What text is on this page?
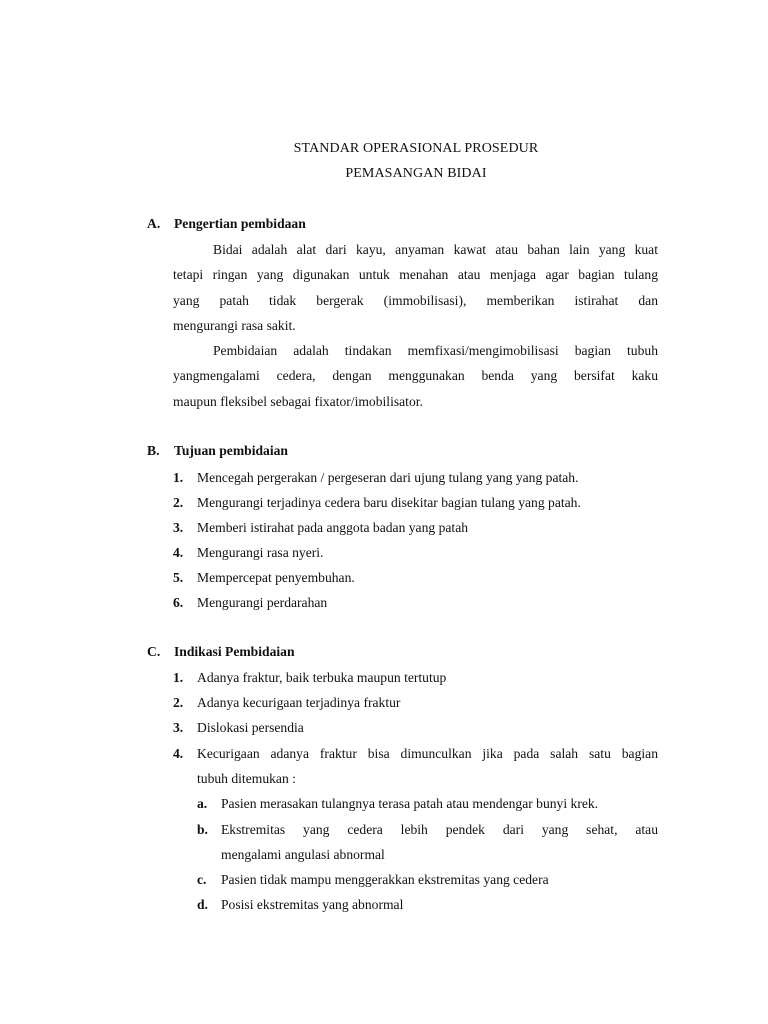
STANDAR OPERASIONAL PROSEDUR
PEMASANGAN BIDAI
A. Pengertian pembidaan
Bidai adalah alat dari kayu, anyaman kawat atau bahan lain yang kuat
tetapi ringan yang digunakan untuk menahan atau menjaga agar bagian tulang
yang patah tidak bergerak (immobilisasi), memberikan istirahat dan
mengurangi rasa sakit.
Pembidaian adalah tindakan memfixasi/mengimobilisasi bagian tubuh
yangmengalami cedera, dengan menggunakan benda yang bersifat kaku
maupun fleksibel sebagai fixator/imobilisator.
B. Tujuan pembidaian
1. Mencegah pergerakan / pergeseran dari ujung tulang yang yang patah.
2. Mengurangi terjadinya cedera baru disekitar bagian tulang yang patah.
3. Memberi istirahat pada anggota badan yang patah
4. Mengurangi rasa nyeri.
5. Mempercepat penyembuhan.
6. Mengurangi perdarahan
C. Indikasi Pembidaian
1. Adanya fraktur, baik terbuka maupun tertutup
2. Adanya kecurigaan terjadinya fraktur
3. Dislokasi persendia
4. Kecurigaan adanya fraktur bisa dimunculkan jika pada salah satu bagian
tubuh ditemukan :
a. Pasien merasakan tulangnya terasa patah atau mendengar bunyi krek.
b. Ekstremitas yang cedera lebih pendek dari yang sehat, atau
mengalami angulasi abnormal
c. Pasien tidak mampu menggerakkan ekstremitas yang cedera
d. Posisi ekstremitas yang abnormal
